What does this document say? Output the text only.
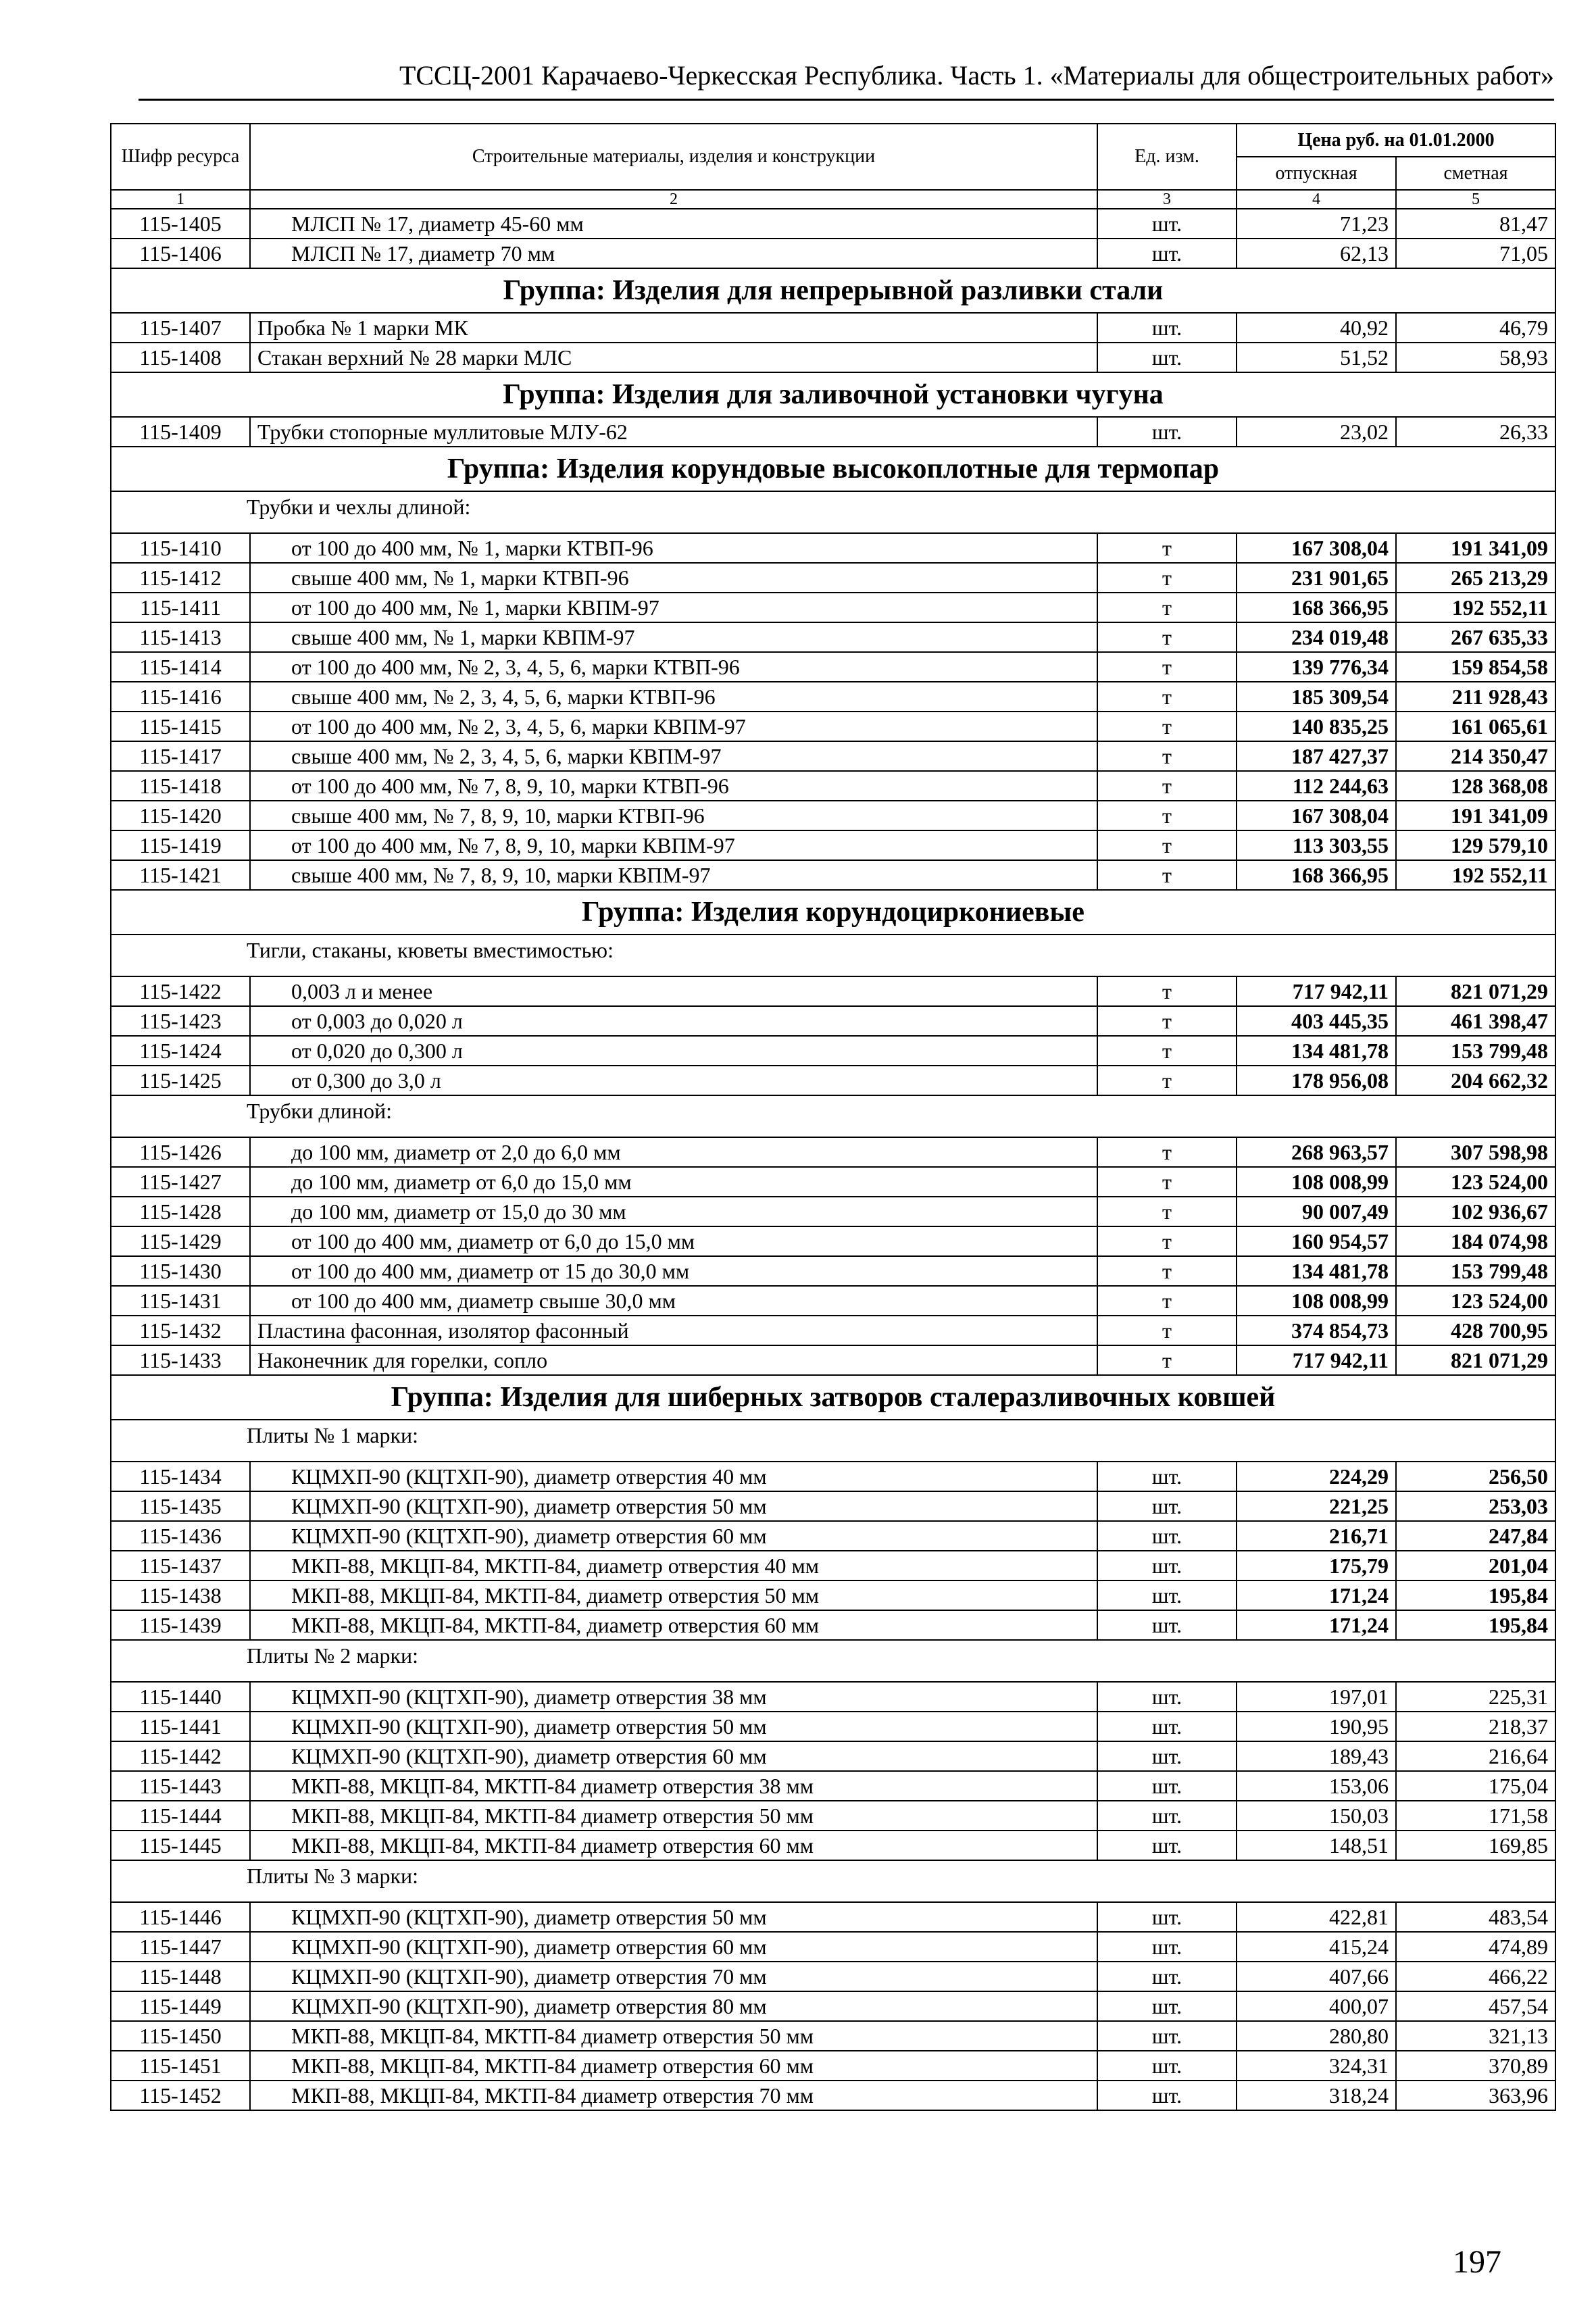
ТССЦ-2001 Карачаево-Черкесская Республика. Часть 1. «Материалы для общестроительных работ»
Шифр ресурса	Строительные материалы, изделия и конструкции	Ед. изм.	Цена руб. на 01.01.2000	
			отпускная	сметная
1	2	3	4	5
115-1405	МЛСП № 17, диаметр 45-60 мм	шт.	71,23	81,47
115-1406	МЛСП № 17, диаметр 70 мм	шт.	62,13	71,05
Группа: Изделия для непрерывной разливки стали				
115-1407	Пробка № 1 марки МК	шт.	40,92	46,79
115-1408	Стакан верхний № 28 марки МЛС	шт.	51,52	58,93
Группа: Изделия для заливочной установки чугуна				
115-1409	Трубки стопорные муллитовые МЛУ-62	шт.	23,02	26,33
Группа: Изделия корундовые высокоплотные для термопар				
Трубки и чехлы длиной:				
115-1410	от 100 до 400 мм, № 1, марки КТВП-96	т	167 308,04	191 341,09
115-1412	свыше 400 мм, № 1, марки КТВП-96	т	231 901,65	265 213,29
115-1411	от 100 до 400 мм, № 1, марки КВПМ-97	т	168 366,95	192 552,11
115-1413	свыше 400 мм, № 1, марки КВПМ-97	т	234 019,48	267 635,33
115-1414	от 100 до 400 мм, № 2, 3, 4, 5, 6, марки КТВП-96	т	139 776,34	159 854,58
115-1416	свыше 400 мм, № 2, 3, 4, 5, 6, марки КТВП-96	т	185 309,54	211 928,43
115-1415	от 100 до 400 мм, № 2, 3, 4, 5, 6, марки КВПМ-97	т	140 835,25	161 065,61
115-1417	свыше 400 мм, № 2, 3, 4, 5, 6, марки КВПМ-97	т	187 427,37	214 350,47
115-1418	от 100 до 400 мм, № 7, 8, 9, 10, марки КТВП-96	т	112 244,63	128 368,08
115-1420	свыше 400 мм, № 7, 8, 9, 10, марки КТВП-96	т	167 308,04	191 341,09
115-1419	от 100 до 400 мм, № 7, 8, 9, 10, марки КВПМ-97	т	113 303,55	129 579,10
115-1421	свыше 400 мм, № 7, 8, 9, 10, марки КВПМ-97	т	168 366,95	192 552,11
Группа: Изделия корундоциркониевые				
Тигли, стаканы, кюветы вместимостью:				
115-1422	0,003 л и менее	т	717 942,11	821 071,29
115-1423	от 0,003 до 0,020 л	т	403 445,35	461 398,47
115-1424	от 0,020 до 0,300 л	т	134 481,78	153 799,48
115-1425	от 0,300 до 3,0 л	т	178 956,08	204 662,32
Трубки длиной:				
115-1426	до 100 мм, диаметр от 2,0 до 6,0 мм	т	268 963,57	307 598,98
115-1427	до 100 мм, диаметр от 6,0 до 15,0 мм	т	108 008,99	123 524,00
115-1428	до 100 мм, диаметр от 15,0 до 30 мм	т	90 007,49	102 936,67
115-1429	от 100 до 400 мм, диаметр от 6,0 до 15,0 мм	т	160 954,57	184 074,98
115-1430	от 100 до 400 мм, диаметр от 15 до 30,0 мм	т	134 481,78	153 799,48
115-1431	от 100 до 400 мм, диаметр свыше 30,0 мм	т	108 008,99	123 524,00
115-1432	Пластина фасонная, изолятор фасонный	т	374 854,73	428 700,95
115-1433	Наконечник для горелки, сопло	т	717 942,11	821 071,29
Группа: Изделия для шиберных затворов сталеразливочных ковшей				
Плиты № 1 марки:				
115-1434	КЦМХП-90 (КЦТХП-90), диаметр отверстия 40 мм	шт.	224,29	256,50
115-1435	КЦМХП-90 (КЦТХП-90), диаметр отверстия 50 мм	шт.	221,25	253,03
115-1436	КЦМХП-90 (КЦТХП-90), диаметр отверстия 60 мм	шт.	216,71	247,84
115-1437	МКП-88, МКЦП-84, МКТП-84, диаметр отверстия 40 мм	шт.	175,79	201,04
115-1438	МКП-88, МКЦП-84, МКТП-84, диаметр отверстия 50 мм	шт.	171,24	195,84
115-1439	МКП-88, МКЦП-84, МКТП-84, диаметр отверстия 60 мм	шт.	171,24	195,84
Плиты № 2 марки:				
115-1440	КЦМХП-90 (КЦТХП-90), диаметр отверстия 38 мм	шт.	197,01	225,31
115-1441	КЦМХП-90 (КЦТХП-90), диаметр отверстия 50 мм	шт.	190,95	218,37
115-1442	КЦМХП-90 (КЦТХП-90), диаметр отверстия 60 мм	шт.	189,43	216,64
115-1443	МКП-88, МКЦП-84, МКТП-84 диаметр отверстия 38 мм	шт.	153,06	175,04
115-1444	МКП-88, МКЦП-84, МКТП-84 диаметр отверстия 50 мм	шт.	150,03	171,58
115-1445	МКП-88, МКЦП-84, МКТП-84 диаметр отверстия 60 мм	шт.	148,51	169,85
Плиты № 3 марки:				
115-1446	КЦМХП-90 (КЦТХП-90), диаметр отверстия 50 мм	шт.	422,81	483,54
115-1447	КЦМХП-90 (КЦТХП-90), диаметр отверстия 60 мм	шт.	415,24	474,89
115-1448	КЦМХП-90 (КЦТХП-90), диаметр отверстия 70 мм	шт.	407,66	466,22
115-1449	КЦМХП-90 (КЦТХП-90), диаметр отверстия 80 мм	шт.	400,07	457,54
115-1450	МКП-88, МКЦП-84, МКТП-84 диаметр отверстия 50 мм	шт.	280,80	321,13
115-1451	МКП-88, МКЦП-84, МКТП-84 диаметр отверстия 60 мм	шт.	324,31	370,89
115-1452	МКП-88, МКЦП-84, МКТП-84 диаметр отверстия 70 мм	шт.	318,24	363,96
197
